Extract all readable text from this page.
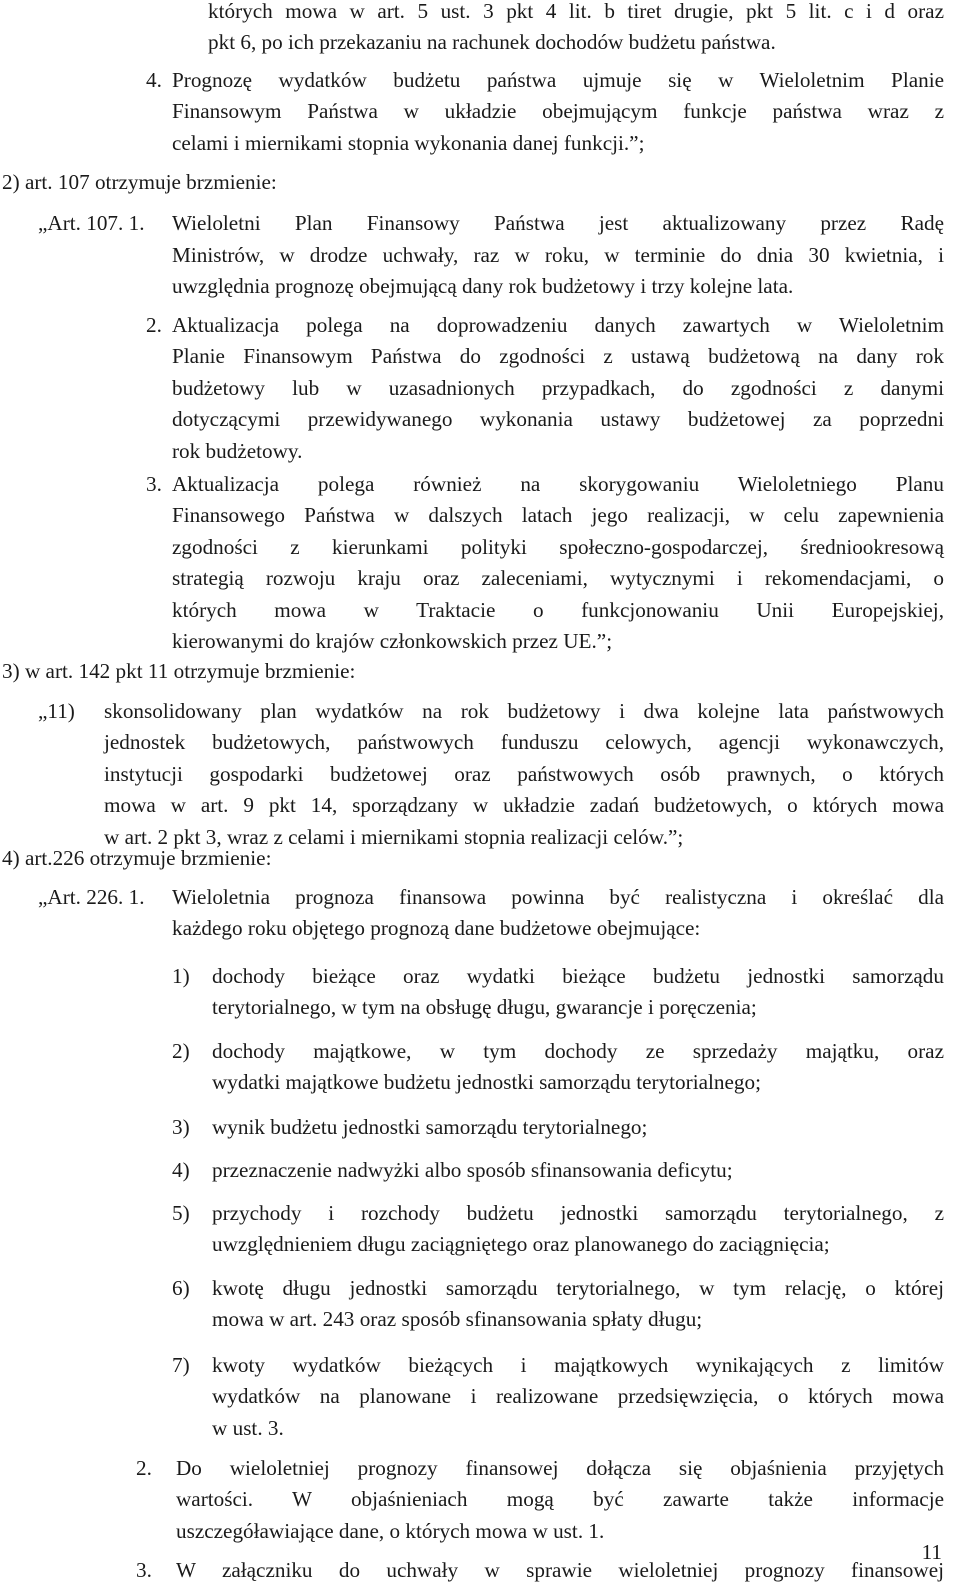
których mowa w art. 5 ust. 3 pkt 4 lit. b tiret drugie, pkt 5 lit. c i d oraz
pkt 6, po ich przekazaniu na rachunek dochodów budżetu państwa.
4. Prognozę wydatków budżetu państwa ujmuje się w Wieloletnim Planie
Finansowym Państwa w układzie obejmującym funkcje państwa wraz z
celami i miernikami stopnia wykonania danej funkcji.”;
2) art. 107 otrzymuje brzmienie:
„Art. 107. 1. Wieloletni Plan Finansowy Państwa jest aktualizowany przez Radę
Ministrów, w drodze uchwały, raz w roku, w terminie do dnia 30 kwietnia, i
uwzględnia prognozę obejmującą dany rok budżetowy i trzy kolejne lata.
2. Aktualizacja polega na doprowadzeniu danych zawartych w Wieloletnim
Planie Finansowym Państwa do zgodności z ustawą budżetową na dany rok
budżetowy lub w uzasadnionych przypadkach, do zgodności z danymi
dotyczącymi przewidywanego wykonania ustawy budżetowej za poprzedni
rok budżetowy.
3. Aktualizacja polega również na skorygowaniu Wieloletniego Planu
Finansowego Państwa w dalszych latach jego realizacji, w celu zapewnienia
zgodności z kierunkami polityki społeczno-gospodarczej, średniookresową
strategią rozwoju kraju oraz zaleceniami, wytycznymi i rekomendacjami, o
których mowa w Traktacie o funkcjonowaniu Unii Europejskiej,
kierowanymi do krajów członkowskich przez UE.”;
3) w art. 142 pkt 11 otrzymuje brzmienie:
„11) skonsolidowany plan wydatków na rok budżetowy i dwa kolejne lata państwowych
jednostek budżetowych, państwowych funduszu celowych, agencji wykonawczych,
instytucji gospodarki budżetowej oraz państwowych osób prawnych, o których
mowa w art. 9 pkt 14, sporządzany w układzie zadań budżetowych, o których mowa
w art. 2 pkt 3, wraz z celami i miernikami stopnia realizacji celów.”;
4) art.226 otrzymuje brzmienie:
„Art. 226. 1. Wieloletnia prognoza finansowa powinna być realistyczna i określać dla
każdego roku objętego prognozą dane budżetowe obejmujące:
1) dochody bieżące oraz wydatki bieżące budżetu jednostki samorządu
terytorialnego, w tym na obsługę długu, gwarancje i poręczenia;
2) dochody majątkowe, w tym dochody ze sprzedaży majątku, oraz
wydatki majątkowe budżetu jednostki samorządu terytorialnego;
3) wynik budżetu jednostki samorządu terytorialnego;
4) przeznaczenie nadwyżki albo sposób sfinansowania deficytu;
5) przychody i rozchody budżetu jednostki samorządu terytorialnego, z
uwzględnieniem długu zaciągniętego oraz planowanego do zaciągnięcia;
6) kwotę długu jednostki samorządu terytorialnego, w tym relację, o której
mowa w art. 243 oraz sposób sfinansowania spłaty długu;
7) kwoty wydatków bieżących i majątkowych wynikających z limitów
wydatków na planowane i realizowane przedsięwzięcia, o których mowa
w ust. 3.
2. Do wieloletniej prognozy finansowej dołącza się objaśnienia przyjętych
wartości. W objaśnieniach mogą być zawarte także informacje
uszczegóławiające dane, o których mowa w ust. 1.
3. W załączniku do uchwały w sprawie wieloletniej prognozy finansowej
11
